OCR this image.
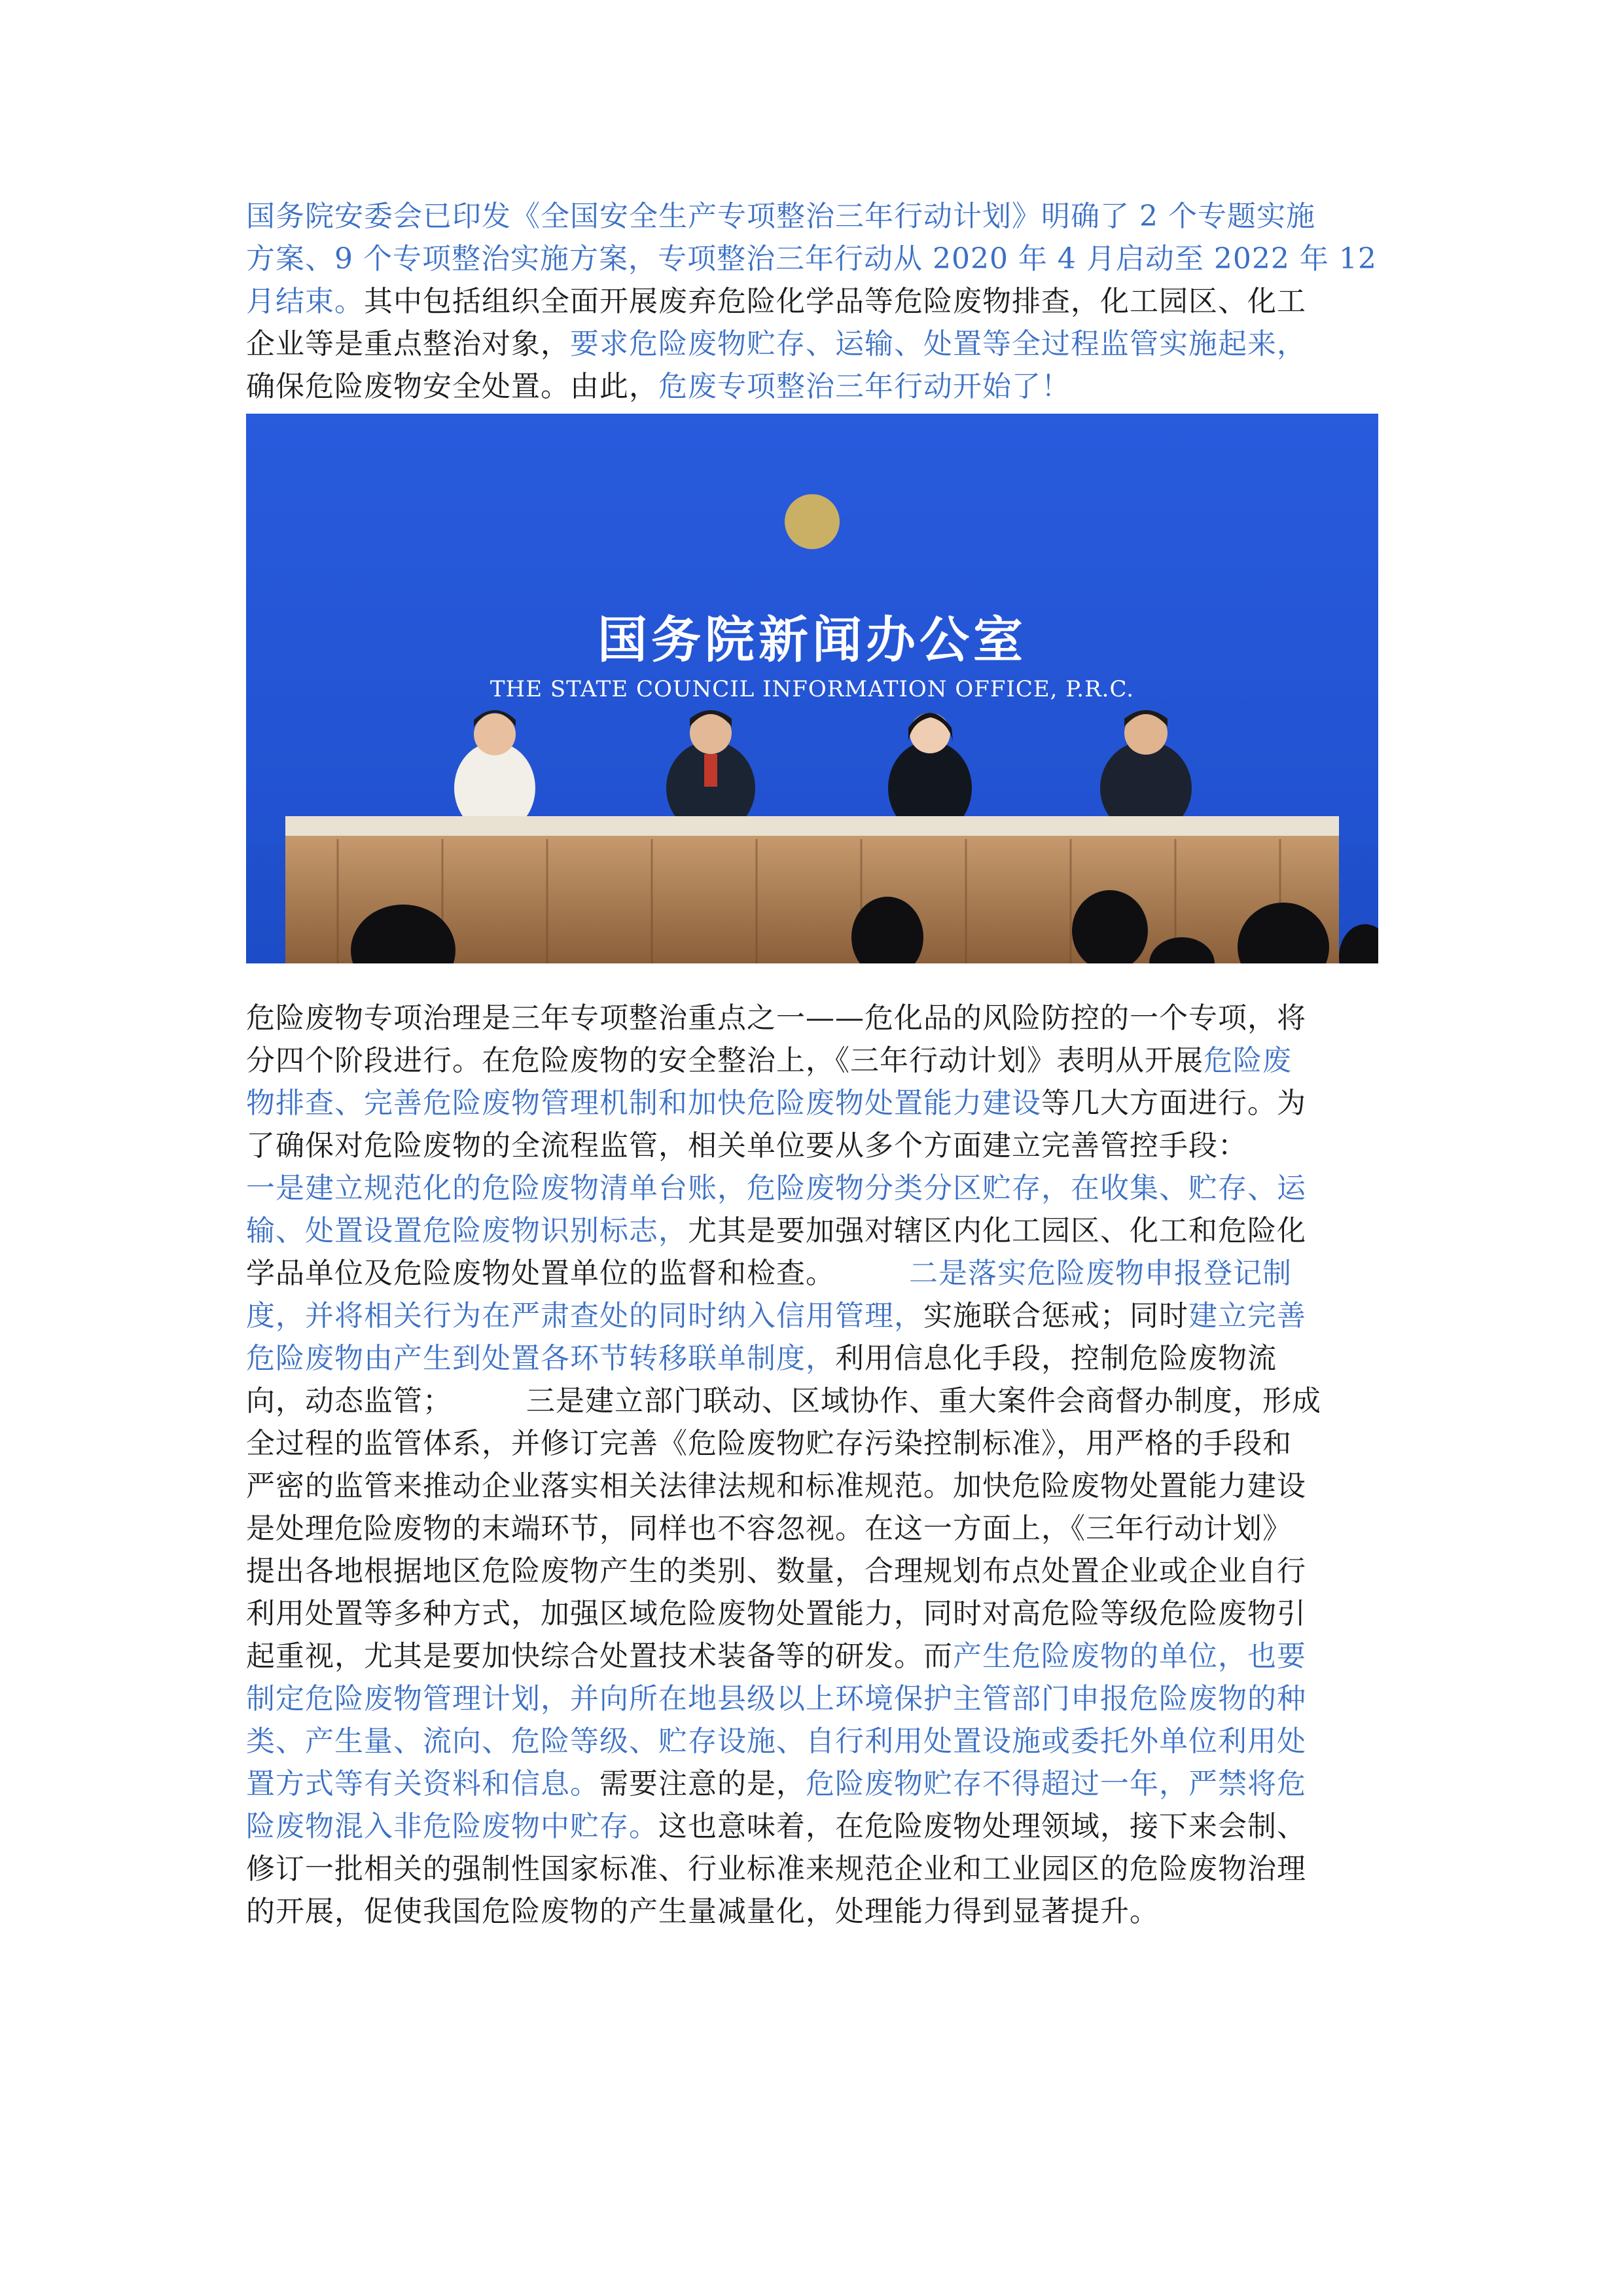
国务院安委会已印发《全国安全生产专项整治三年行动计划》明确了 2 个专题实施
方案、9 个专项整治实施方案，专项整治三年行动从 2020 年 4 月启动至 2022 年 12
月结束。其中包括组织全面开展废弃危险化学品等危险废物排查，化工园区、化工
企业等是重点整治对象，要求危险废物贮存、运输、处置等全过程监管实施起来，
确保危险废物安全处置。由此，危废专项整治三年行动开始了！
国务院新闻办公室
THE STATE COUNCIL INFORMATION OFFICE, P.R.C.
危险废物专项治理是三年专项整治重点之一——危化品的风险防控的一个专项，将
分四个阶段进行。在危险废物的安全整治上，《三年行动计划》表明从开展危险废
物排查、完善危险废物管理机制和加快危险废物处置能力建设等几大方面进行。为
了确保对危险废物的全流程监管，相关单位要从多个方面建立完善管控手段：
一是建立规范化的危险废物清单台账，危险废物分类分区贮存，在收集、贮存、运
输、处置设置危险废物识别标志，尤其是要加强对辖区内化工园区、化工和危险化
学品单位及危险废物处置单位的监督和检查。　　　二是落实危险废物申报登记制
度，并将相关行为在严肃查处的同时纳入信用管理，实施联合惩戒；同时建立完善
危险废物由产生到处置各环节转移联单制度，利用信息化手段，控制危险废物流
向，动态监管；　　　三是建立部门联动、区域协作、重大案件会商督办制度，形成
全过程的监管体系，并修订完善《危险废物贮存污染控制标准》，用严格的手段和
严密的监管来推动企业落实相关法律法规和标准规范。加快危险废物处置能力建设
是处理危险废物的末端环节，同样也不容忽视。在这一方面上，《三年行动计划》
提出各地根据地区危险废物产生的类别、数量，合理规划布点处置企业或企业自行
利用处置等多种方式，加强区域危险废物处置能力，同时对高危险等级危险废物引
起重视，尤其是要加快综合处置技术装备等的研发。而产生危险废物的单位，也要
制定危险废物管理计划，并向所在地县级以上环境保护主管部门申报危险废物的种
类、产生量、流向、危险等级、贮存设施、自行利用处置设施或委托外单位利用处
置方式等有关资料和信息。需要注意的是，危险废物贮存不得超过一年，严禁将危
险废物混入非危险废物中贮存。这也意味着，在危险废物处理领域，接下来会制、
修订一批相关的强制性国家标准、行业标准来规范企业和工业园区的危险废物治理
的开展，促使我国危险废物的产生量减量化，处理能力得到显著提升。
